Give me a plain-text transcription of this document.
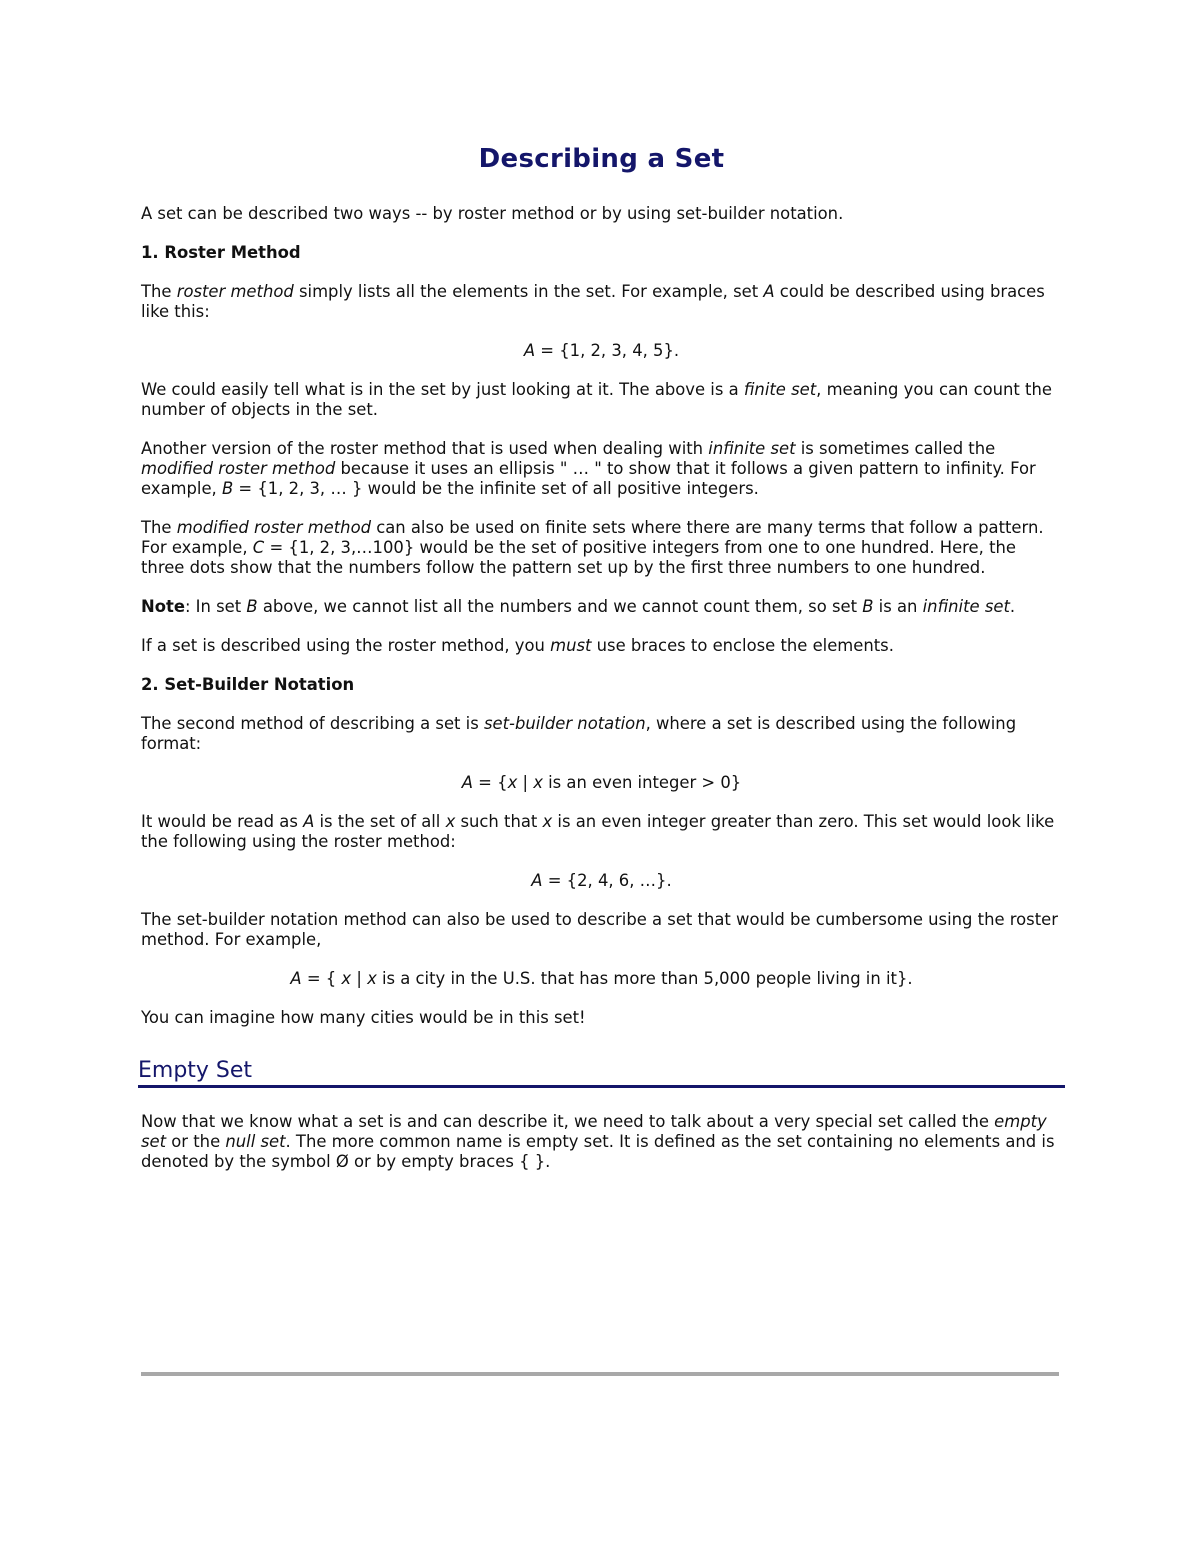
Describing a Set

A set can be described two ways -- by roster method or by using set-builder notation.

1. Roster Method

The roster method simply lists all the elements in the set. For example, set A could be described using braces like this:

A = {1, 2, 3, 4, 5}.

We could easily tell what is in the set by just looking at it. The above is a finite set, meaning you can count the number of objects in the set.

Another version of the roster method that is used when dealing with infinite set is sometimes called the modified roster method because it uses an ellipsis " … " to show that it follows a given pattern to infinity. For example, B = {1, 2, 3, … } would be the infinite set of all positive integers.

The modified roster method can also be used on finite sets where there are many terms that follow a pattern. For example, C = {1, 2, 3,…100} would be the set of positive integers from one to one hundred. Here, the three dots show that the numbers follow the pattern set up by the first three numbers to one hundred.

Note: In set B above, we cannot list all the numbers and we cannot count them, so set B is an infinite set.

If a set is described using the roster method, you must use braces to enclose the elements.

2. Set-Builder Notation

The second method of describing a set is set-builder notation, where a set is described using the following format:

A = {x | x is an even integer > 0}

It would be read as A is the set of all x such that x is an even integer greater than zero. This set would look like the following using the roster method:

A = {2, 4, 6, …}.

The set-builder notation method can also be used to describe a set that would be cumbersome using the roster method. For example,

A = { x | x is a city in the U.S. that has more than 5,000 people living in it}.

You can imagine how many cities would be in this set!

Empty Set

Now that we know what a set is and can describe it, we need to talk about a very special set called the empty set or the null set. The more common name is empty set. It is defined as the set containing no elements and is denoted by the symbol Ø or by empty braces { }.
